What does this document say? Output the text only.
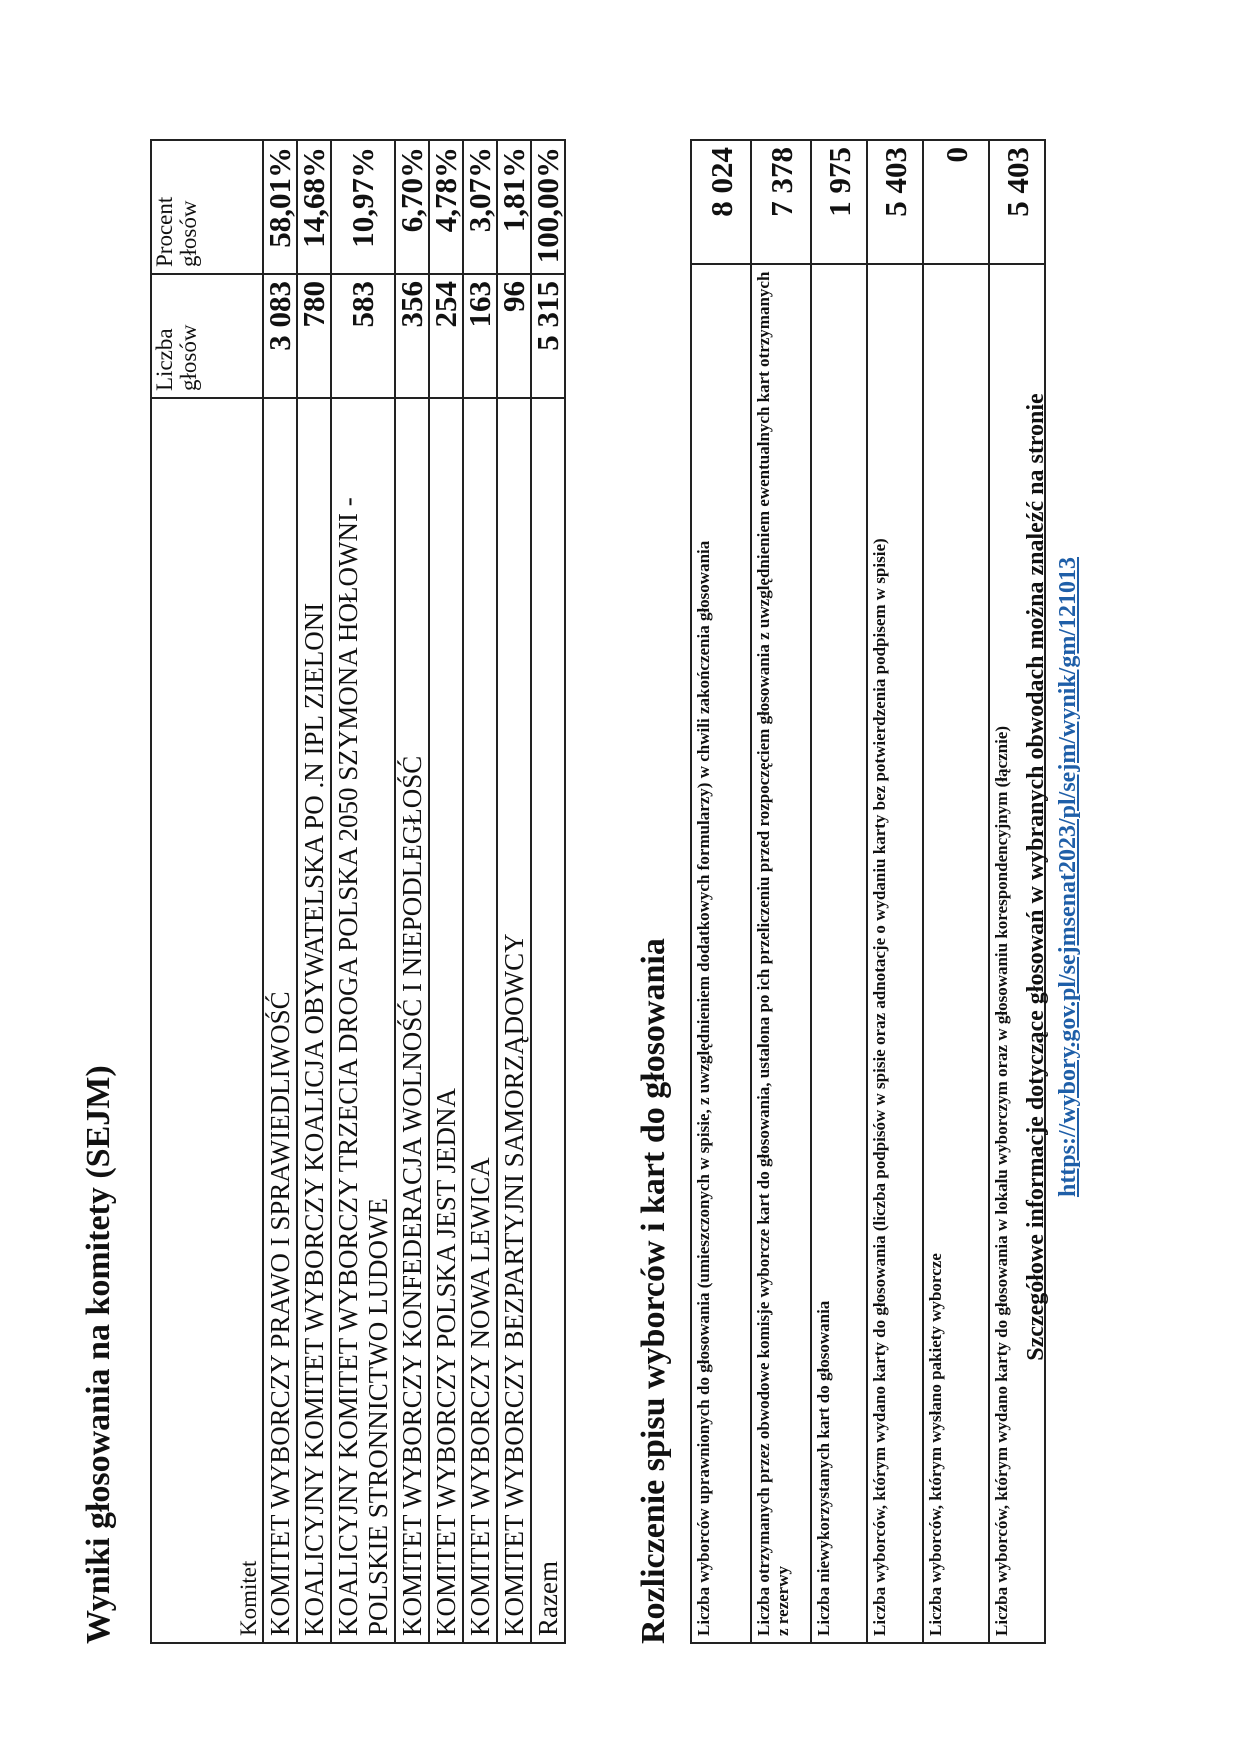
Wyniki głosowania na komitety (SEJM)	Komitet	Liczba głosów	Procent głosów
KOMITET WYBORCZY PRAWO I SPRAWIEDLIWOŚĆ	3 083	58,01%
KOALICYJNY KOMITET WYBORCZY KOALICJA OBYWATELSKA PO .N IPL ZIELONI	780	14,68%
KOALICYJNY KOMITET WYBORCZY TRZECIA DROGA POLSKA 2050 SZYMONA HOŁOWNI -POLSKIE STRONNICTWO LUDOWE	583	10,97%
KOMITET WYBORCZY KONFEDERACJA WOLNOŚĆ I NIEPODLEGŁOŚĆ	356	6,70%
KOMITET WYBORCZY POLSKA JEST JEDNA	254	4,78%
KOMITET WYBORCZY NOWA LEWICA	163	3,07%
KOMITET WYBORCZY BEZPARTYJNI SAMORZĄDOWCY	96	1,81%
Razem	5 315	100,00%
Rozliczenie spisu wyborców i kart do głosowania Liczba wyborców uprawnionych do głosowania (umieszczonych w spisie, z uwzględnieniem dodatkowych formularzy) w chwili zakończenia głosowania	8 024
Liczba otrzymanych przez obwodowe komisje wyborcze kart do głosowania, ustalona po ich przeliczeniu przed rozpoczęciem głosowania z uwzględnieniem ewentualnych kart otrzymanych z rezerwy	7 378
Liczba niewykorzystanych kart do głosowania	1 975
Liczba wyborców, którym wydano karty do głosowania (liczba podpisów w spisie oraz adnotacje o wydaniu karty bez potwierdzenia podpisem w spisie)	5 403
Liczba wyborców, którym wysłano pakiety wyborcze	0
Liczba wyborców, którym wydano karty do głosowania w lokalu wyborczym oraz w głosowaniu korespondencyjnym (łącznie)	5 403
Szczegółowe informacje dotyczące głosowań w wybranych obwodach można znaleźć na stronie https://wybory.gov.pl/sejmsenat2023/pl/sejm/wynik/gm/121013
